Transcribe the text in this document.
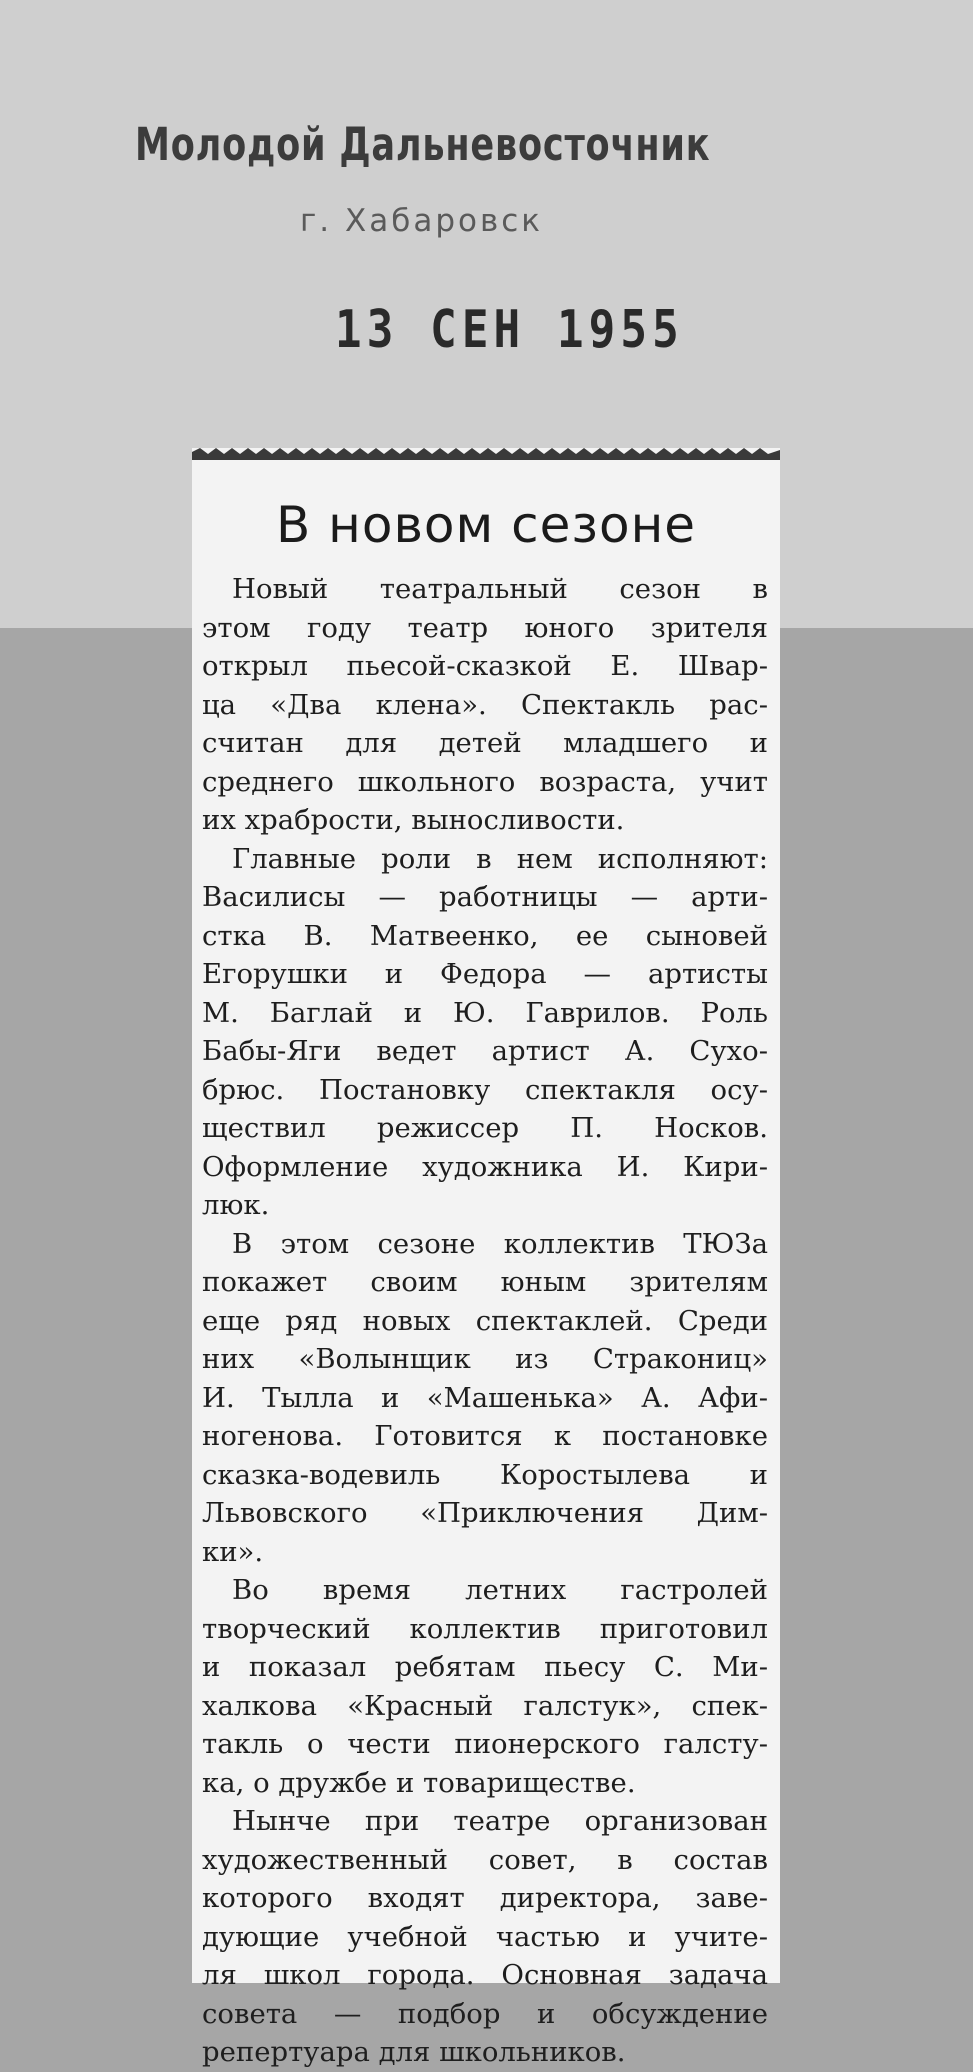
Молодой Дальневосточник
г. Хабаровск
13 СЕН 1955
В новом сезоне

Новый театральный сезон в
этом году театр юного зрителя
открыл пьесой-сказкой Е. Швар-
ца «Два клена». Спектакль рас-
считан для детей младшего и
среднего школьного возраста, учит
их храбрости, выносливости.

Главные роли в нем исполняют:
Василисы — работницы — арти-
стка В. Матвеенко, ее сыновей
Егорушки и Федора — артисты
М. Баглай и Ю. Гаврилов. Роль
Бабы-Яги ведет артист А. Сухо-
брюс. Постановку спектакля осу-
ществил режиссер П. Носков.
Оформление художника И. Кири-
люк.

В этом сезоне коллектив ТЮЗа
покажет своим юным зрителям
еще ряд новых спектаклей. Среди
них «Волынщик из Стракониц»
И. Тылла и «Машенька» А. Афи-
ногенова. Готовится к постановке
сказка-водевиль Коростылева и
Львовского «Приключения Дим-
ки».

Во время летних гастролей
творческий коллектив приготовил
и показал ребятам пьесу С. Ми-
халкова «Красный галстук», спек-
такль о чести пионерского галсту-
ка, о дружбе и товариществе.

Нынче при театре организован
художественный совет, в состав
которого входят директора, заве-
дующие учебной частью и учите-
ля школ города. Основная задача
совета — подбор и обсуждение
репертуара для школьников.
